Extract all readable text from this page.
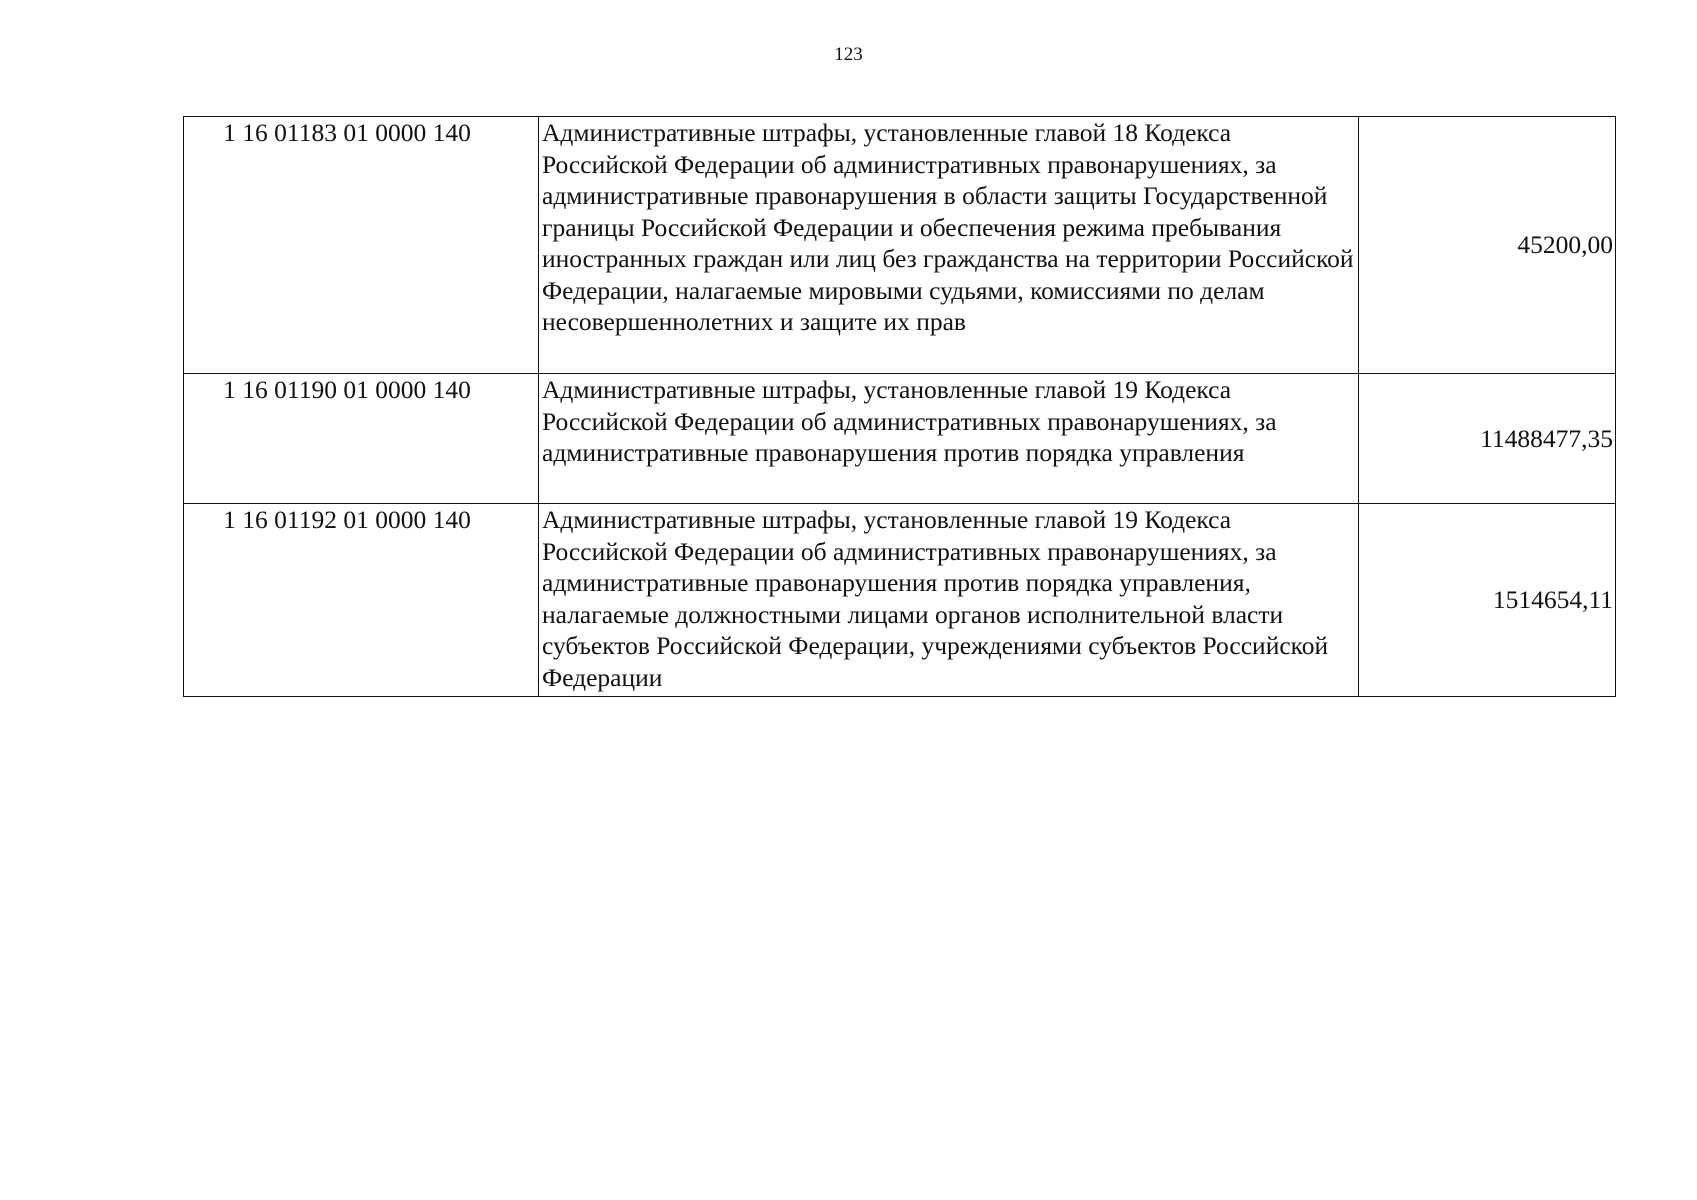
123
1 16 01183 01 0000 140	Административные штрафы, установленные главой 18 Кодекса Российской Федерации об административных правонарушениях, за административные правонарушения в области защиты Государственной границы Российской Федерации и обеспечения режима пребывания иностранных граждан или лиц без гражданства на территории Российской Федерации, налагаемые мировыми судьями, комиссиями по делам несовершеннолетних и защите их прав	45200,00
1 16 01190 01 0000 140	Административные штрафы, установленные главой 19 Кодекса Российской Федерации об административных правонарушениях, за административные правонарушения против порядка управления	11488477,35
1 16 01192 01 0000 140	Административные штрафы, установленные главой 19 Кодекса Российской Федерации об административных правонарушениях, за административные правонарушения против порядка управления, налагаемые должностными лицами органов исполнительной власти субъектов Российской Федерации, учреждениями субъектов Российской Федерации	1514654,11
